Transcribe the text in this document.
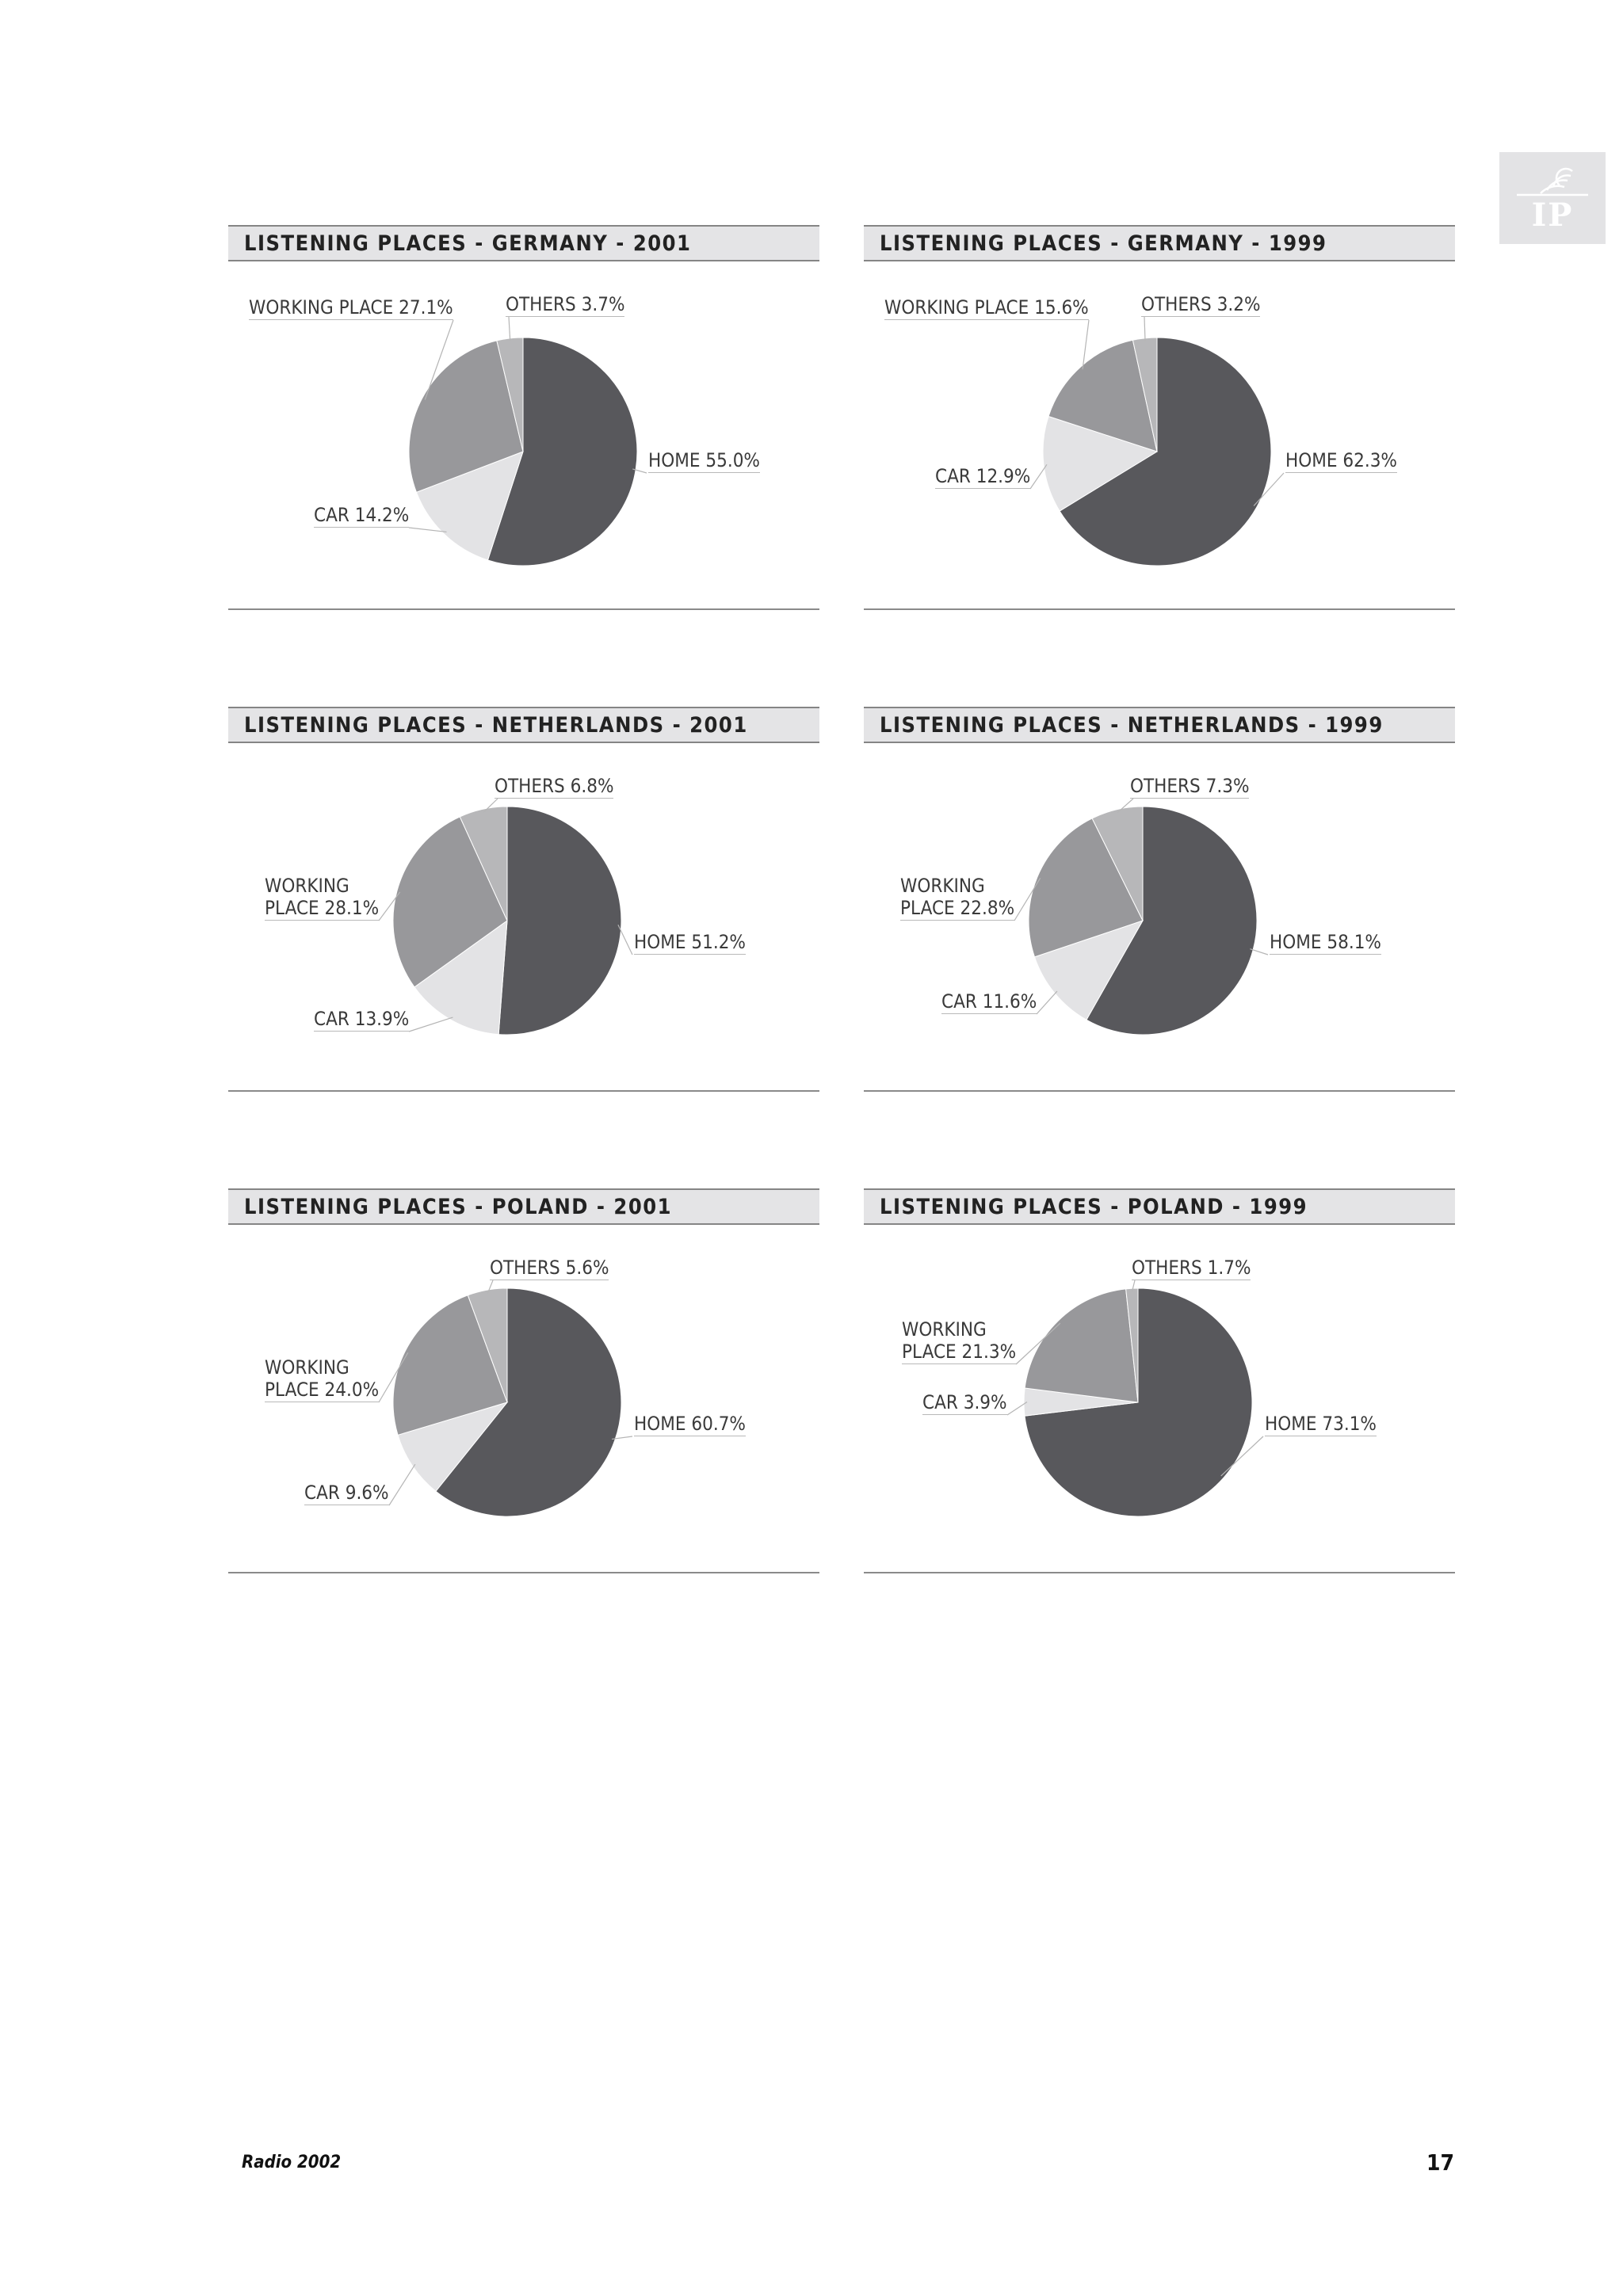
IP
LISTENING PLACES - GERMANY - 2001
HOME 55.0%
CAR 14.2%
WORKING PLACE 27.1%	OTHERS 3.7%
LISTENING PLACES - GERMANY - 1999
HOME 62.3%
CAR 12.9%
WORKING PLACE 15.6%	OTHERS 3.2%
LISTENING PLACES - NETHERLANDS - 2001
HOME 51.2%
CAR 13.9%
WORKING
PLACE 28.1%
OTHERS 6.8%
LISTENING PLACES - NETHERLANDS - 1999
HOME 58.1%
CAR 11.6%
WORKING
PLACE 22.8%
OTHERS 7.3%
LISTENING PLACES - POLAND - 2001
HOME 60.7%
CAR 9.6%
WORKING
PLACE 24.0%
OTHERS 5.6%
LISTENING PLACES - POLAND - 1999
HOME 73.1%
CAR 3.9%
WORKING
PLACE 21.3%
OTHERS 1.7%
Radio 2002	17
